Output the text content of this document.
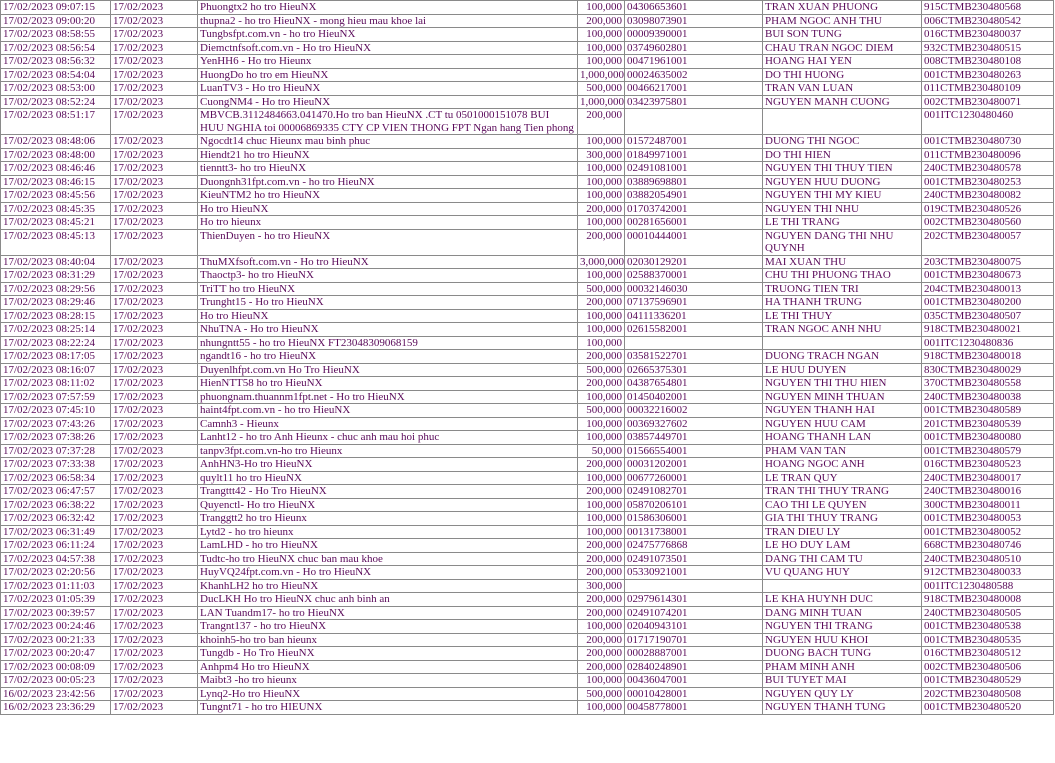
17/02/2023 09:07:15	17/02/2023	Phuongtx2 ho tro HieuNX	100,000	04306653601	TRAN XUAN PHUONG	915CTMB230480568
17/02/2023 09:00:20	17/02/2023	thupna2 - ho tro HieuNX - mong hieu mau khoe lai	200,000	03098073901	PHAM NGOC ANH THU	006CTMB230480542
17/02/2023 08:58:55	17/02/2023	Tungbsfpt.com.vn - ho tro HieuNX	100,000	00009390001	BUI SON TUNG	016CTMB230480037
17/02/2023 08:56:54	17/02/2023	Diemctnfsoft.com.vn - Ho tro HieuNX	100,000	03749602801	CHAU TRAN NGOC DIEM	932CTMB230480515
17/02/2023 08:56:32	17/02/2023	YenHH6 - Ho tro Hieunx	100,000	00471961001	HOANG HAI YEN	008CTMB230480108
17/02/2023 08:54:04	17/02/2023	HuongDo ho tro em HieuNX	1,000,000	00024635002	DO THI HUONG	001CTMB230480263
17/02/2023 08:53:00	17/02/2023	LuanTV3 - Ho tro HieuNX	500,000	00466217001	TRAN VAN LUAN	011CTMB230480109
17/02/2023 08:52:24	17/02/2023	CuongNM4 - Ho tro HieuNX	1,000,000	03423975801	NGUYEN MANH CUONG	002CTMB230480071
17/02/2023 08:51:17	17/02/2023	MBVCB.3112484663.041470.Ho tro ban HieuNX .CT tu 0501000151078 BUI HUU NGHIA toi 00006869335 CTY CP VIEN THONG FPT Ngan hang Tien phong	200,000			001ITC1230480460
17/02/2023 08:48:06	17/02/2023	Ngocdt14 chuc Hieunx mau binh phuc	100,000	01572487001	DUONG THI NGOC	001CTMB230480730
17/02/2023 08:48:00	17/02/2023	Hiendt21 ho tro HieuNX	300,000	01849971001	DO THI HIEN	011CTMB230480096
17/02/2023 08:46:46	17/02/2023	tienntt3- ho tro HieuNX	100,000	02491081001	NGUYEN THI THUY TIEN	240CTMB230480578
17/02/2023 08:46:15	17/02/2023	Duongnh31fpt.com.vn - ho tro HieuNX	100,000	03889698801	NGUYEN HUU DUONG	001CTMB230480253
17/02/2023 08:45:56	17/02/2023	KieuNTM2 ho tro HieuNX	100,000	03882054901	NGUYEN THI MY KIEU	240CTMB230480082
17/02/2023 08:45:35	17/02/2023	Ho tro HieuNX	200,000	01703742001	NGUYEN THI NHU	019CTMB230480526
17/02/2023 08:45:21	17/02/2023	Ho tro hieunx	100,000	00281656001	LE THI TRANG	002CTMB230480560
17/02/2023 08:45:13	17/02/2023	ThienDuyen - ho tro HieuNX	200,000	00010444001	NGUYEN DANG THI NHU QUYNH	202CTMB230480057
17/02/2023 08:40:04	17/02/2023	ThuMXfsoft.com.vn - Ho tro HieuNX	3,000,000	02030129201	MAI XUAN THU	203CTMB230480075
17/02/2023 08:31:29	17/02/2023	Thaoctp3- ho tro HieuNX	100,000	02588370001	CHU THI PHUONG THAO	001CTMB230480673
17/02/2023 08:29:56	17/02/2023	TriTT ho tro HieuNX	500,000	00032146030	TRUONG TIEN TRI	204CTMB230480013
17/02/2023 08:29:46	17/02/2023	Trunght15 - Ho tro HieuNX	200,000	07137596901	HA THANH TRUNG	001CTMB230480200
17/02/2023 08:28:15	17/02/2023	Ho tro HieuNX	100,000	04111336201	LE THI THUY	035CTMB230480507
17/02/2023 08:25:14	17/02/2023	NhuTNA - Ho tro HieuNX	100,000	02615582001	TRAN NGOC ANH NHU	918CTMB230480021
17/02/2023 08:22:24	17/02/2023	nhungntt55 - ho tro HieuNX FT23048309068159	100,000			001ITC1230480836
17/02/2023 08:17:05	17/02/2023	ngandt16 - ho tro HieuNX	200,000	03581522701	DUONG TRACH NGAN	918CTMB230480018
17/02/2023 08:16:07	17/02/2023	Duyenlhfpt.com.vn Ho Tro HieuNX	500,000	02665375301	LE HUU DUYEN	830CTMB230480029
17/02/2023 08:11:02	17/02/2023	HienNTT58 ho tro HieuNX	200,000	04387654801	NGUYEN THI THU HIEN	370CTMB230480558
17/02/2023 07:57:59	17/02/2023	phuongnam.thuannm1fpt.net - Ho tro HieuNX	100,000	01450402001	NGUYEN MINH THUAN	240CTMB230480038
17/02/2023 07:45:10	17/02/2023	haint4fpt.com.vn - ho tro HieuNX	500,000	00032216002	NGUYEN THANH HAI	001CTMB230480589
17/02/2023 07:43:26	17/02/2023	Camnh3 - Hieunx	100,000	00369327602	NGUYEN HUU CAM	201CTMB230480539
17/02/2023 07:38:26	17/02/2023	Lanht12 - ho tro Anh Hieunx - chuc anh mau hoi phuc	100,000	03857449701	HOANG THANH LAN	001CTMB230480080
17/02/2023 07:37:28	17/02/2023	tanpv3fpt.com.vn-ho tro Hieunx	50,000	01566554001	PHAM VAN TAN	001CTMB230480579
17/02/2023 07:33:38	17/02/2023	AnhHN3-Ho tro HieuNX	200,000	00031202001	HOANG NGOC ANH	016CTMB230480523
17/02/2023 06:58:34	17/02/2023	quylt11 ho tro HieuNX	100,000	00677260001	LE TRAN QUY	240CTMB230480017
17/02/2023 06:47:57	17/02/2023	Trangttt42 - Ho Tro HieuNX	200,000	02491082701	TRAN THI THUY TRANG	240CTMB230480016
17/02/2023 06:38:22	17/02/2023	Quyenctl- Ho tro HieuNX	100,000	05870206101	CAO THI LE QUYEN	300CTMB230480011
17/02/2023 06:32:42	17/02/2023	Tranggtt2 ho tro Hieunx	100,000	01586306001	GIA THI THUY TRANG	001CTMB230480053
17/02/2023 06:31:49	17/02/2023	Lytd2 - ho tro hieunx	100,000	00131738001	TRAN DIEU LY	001CTMB230480052
17/02/2023 06:11:24	17/02/2023	LamLHD - ho tro HieuNX	200,000	02475776868	LE HO DUY LAM	668CTMB230480746
17/02/2023 04:57:38	17/02/2023	Tudtc-ho tro HieuNX chuc ban mau khoe	200,000	02491073501	DANG THI CAM TU	240CTMB230480510
17/02/2023 02:20:56	17/02/2023	HuyVQ24fpt.com.vn - Ho tro HieuNX	200,000	05330921001	VU QUANG HUY	912CTMB230480033
17/02/2023 01:11:03	17/02/2023	KhanhLH2 ho tro HieuNX	300,000			001ITC1230480588
17/02/2023 01:05:39	17/02/2023	DucLKH Ho tro HieuNX chuc anh binh an	200,000	02979614301	LE KHA HUYNH DUC	918CTMB230480008
17/02/2023 00:39:57	17/02/2023	LAN Tuandm17- ho tro HieuNX	200,000	02491074201	DANG MINH TUAN	240CTMB230480505
17/02/2023 00:24:46	17/02/2023	Trangnt137 - ho tro HieuNX	100,000	02040943101	NGUYEN THI TRANG	001CTMB230480538
17/02/2023 00:21:33	17/02/2023	khoinh5-ho tro ban hieunx	200,000	01717190701	NGUYEN HUU KHOI	001CTMB230480535
17/02/2023 00:20:47	17/02/2023	Tungdb - Ho Tro HieuNX	200,000	00028887001	DUONG BACH TUNG	016CTMB230480512
17/02/2023 00:08:09	17/02/2023	Anhpm4 Ho tro HieuNX	200,000	02840248901	PHAM MINH ANH	002CTMB230480506
17/02/2023 00:05:23	17/02/2023	Maibt3 -ho tro hieunx	100,000	00436047001	BUI TUYET MAI	001CTMB230480529
16/02/2023 23:42:56	17/02/2023	Lynq2-Ho tro HieuNX	500,000	00010428001	NGUYEN QUY LY	202CTMB230480508
16/02/2023 23:36:29	17/02/2023	Tungnt71 - ho tro HIEUNX	100,000	00458778001	NGUYEN THANH TUNG	001CTMB230480520
